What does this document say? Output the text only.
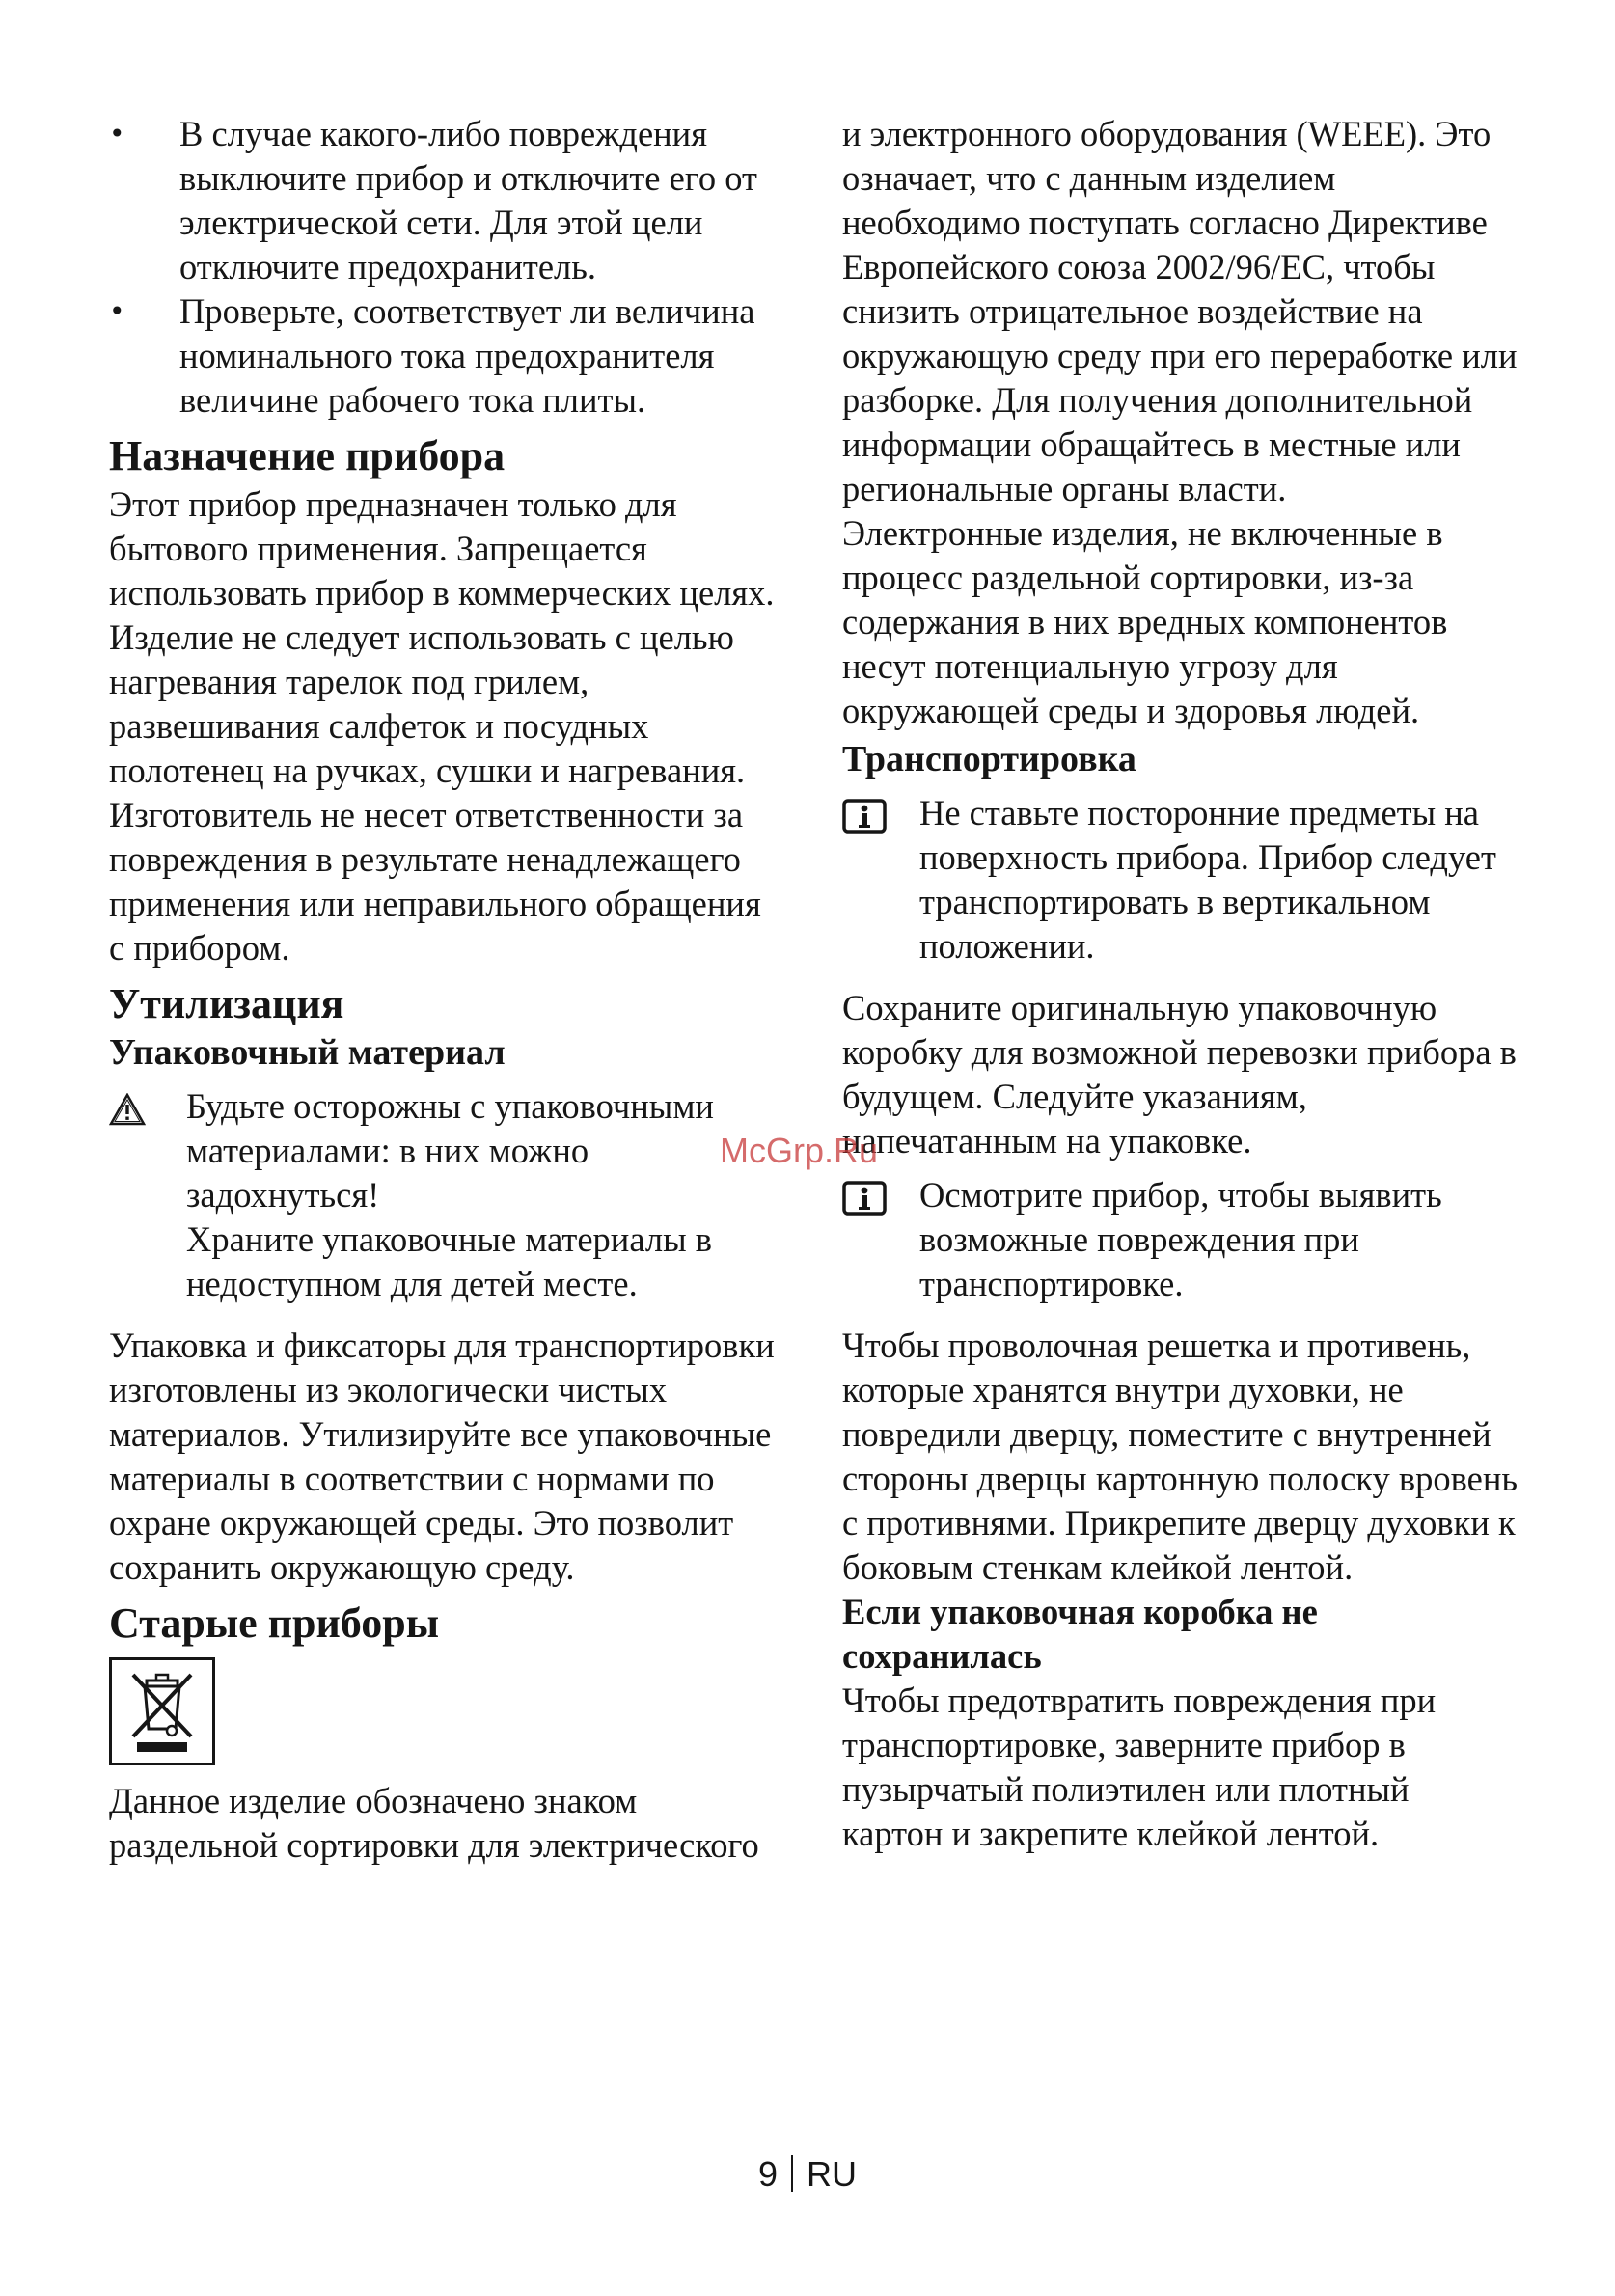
• В случае какого-либо повреждения выключите прибор и отключите его от электрической сети. Для этой цели отключите предохранитель.
• Проверьте, соответствует ли величина номинального тока предохранителя величине рабочего тока плиты.
Назначение прибора

Этот прибор предназначен только для бытового применения. Запрещается использовать прибор в коммерческих целях.

Изделие не следует использовать с целью нагревания тарелок под грилем, развешивания салфеток и посудных полотенец на ручках, сушки и нагревания.

Изготовитель не несет ответственности за повреждения в результате ненадлежащего применения или неправильного обращения с прибором.

Утилизация
Упаковочный материал

Будьте осторожны с упаковочными материалами: в них можно задохнуться!

Храните упаковочные материалы в недоступном для детей месте.

Упаковка и фиксаторы для транспортировки изготовлены из экологически чистых материалов. Утилизируйте все упаковочные материалы в соответствии с нормами по охране окружающей среды. Это позволит сохранить окружающую среду.

Старые приборы

Данное изделие обозначено знаком раздельной сортировки для электрического

и электронного оборудования (WEEE). Это означает, что с данным изделием необходимо поступать согласно Директиве Европейского союза 2002/96/EC, чтобы снизить отрицательное воздействие на окружающую среду при его переработке или разборке. Для получения дополнительной информации обращайтесь в местные или региональные органы власти.

Электронные изделия, не включенные в процесс раздельной сортировки, из-за содержания в них вредных компонентов несут потенциальную угрозу для окружающей среды и здоровья людей.

Транспортировка

Не ставьте посторонние предметы на поверхность прибора. Прибор следует транспортировать в вертикальном положении.

Сохраните оригинальную упаковочную коробку для возможной перевозки прибора в будущем. Следуйте указаниям, напечатанным на упаковке.

Осмотрите прибор, чтобы выявить возможные повреждения при транспортировке.

Чтобы проволочная решетка и противень, которые хранятся внутри духовки, не повредили дверцу, поместите с внутренней стороны дверцы картонную полоску вровень с противнями. Прикрепите дверцу духовки к боковым стенкам клейкой лентой.

Если упаковочная коробка не сохранилась

Чтобы предотвратить повреждения при транспортировке, заверните прибор в пузырчатый полиэтилен или плотный картон и закрепите клейкой лентой.

McGrp.Ru
9 RU
